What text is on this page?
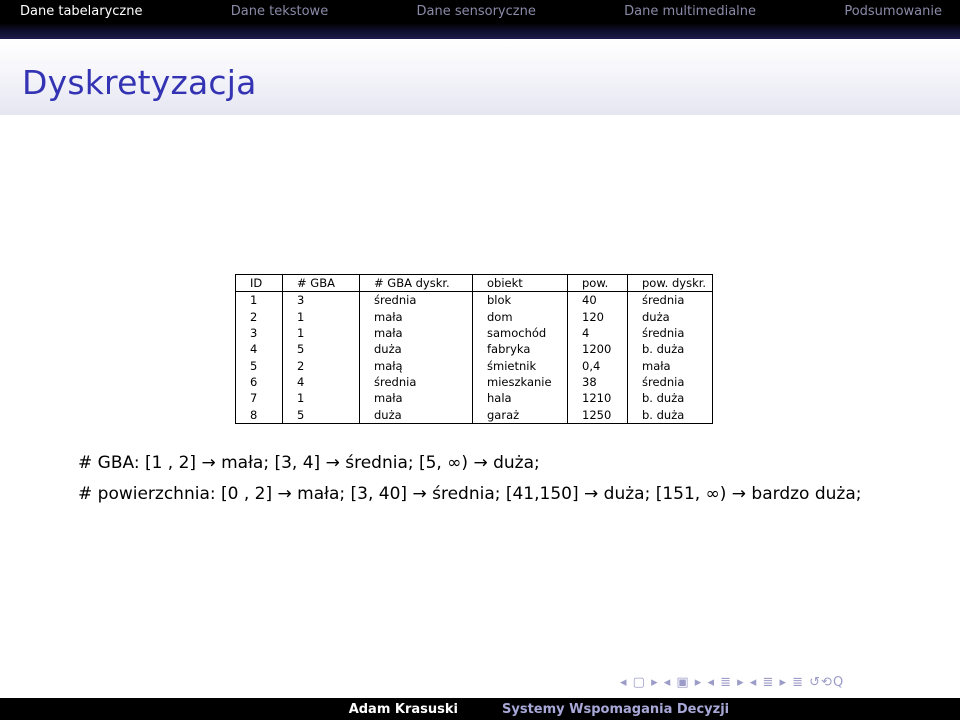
Dane tabelaryczne	Dane tekstowe	Dane sensoryczne	Dane multimedialne	Podsumowanie
Dyskretyzacja
ID	# GBA	# GBA dyskr.	obiekt	pow.	pow. dyskr.
1	3	średnia	blok	40	średnia
2	1	mała	dom	120	duża
3	1	mała	samochód	4	średnia
4	5	duża	fabryka	1200	b. duża
5	2	małą	śmietnik	0,4	mała
6	4	średnia	mieszkanie	38	średnia
7	1	mała	hala	1210	b. duża
8	5	duża	garaż	1250	b. duża
# GBA: [1 , 2] → mała; [3, 4] → średnia; [5, ∞) → duża;
# powierzchnia: [0 , 2] → mała; [3, 40] → średnia; [41,150] → duża; [151, ∞) → bardzo duża;
◂ ▢ ▸ ◂ ▣ ▸ ◂ ≣ ▸ ◂ ≣ ▸ ≣ ↺⟲Q
Adam Krasuski	Systemy Wspomagania Decyzji
